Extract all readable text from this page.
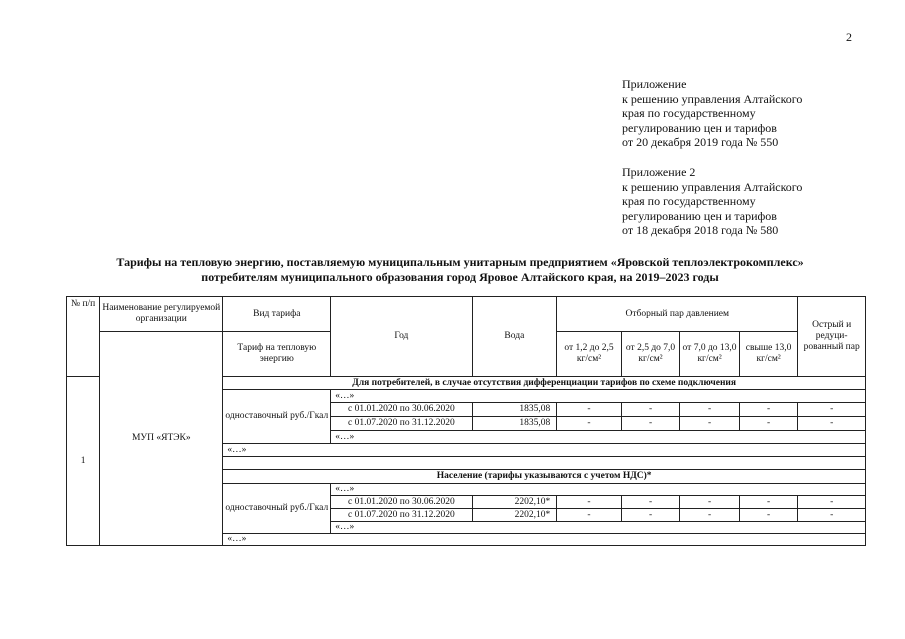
2
Приложение
к решению управления Алтайского
края по государственному
регулированию цен и тарифов
от 20 декабря 2019 года № 550
Приложение 2
к решению управления Алтайского
края по государственному
регулированию цен и тарифов
от 18 декабря 2018 года № 580
Тарифы на тепловую энергию, поставляемую муниципальным унитарным предприятием «Яровской теплоэлектрокомплекс»
потребителям муниципального образования город Яровое Алтайского края, на 2019–2023 годы
№ п/п	Наименование регулируемой организации	Вид тарифа	Год	Вода	Отборный пар давлением				Острый и редуци-рованный пар

	МУП «ЯТЭК»	Тариф на тепловую энергию			от 1,2 до 2,5 кг/см²	от 2,5 до 7,0 кг/см²	от 7,0 до 13,0 кг/см²	свыше 13,0 кг/см²	
1		Для потребителей, в случае отсутствия дифференциации тарифов по схеме подключения							
		одноставочный руб./Гкал	«…»						
			с 01.01.2020 по 30.06.2020	1835,08	-	-	-	-	-
			с 01.07.2020 по 31.12.2020	1835,08	-	-	-	-	-
			«…»						
		«…»							

		Население (тарифы указываются с учетом НДС)*							
		одноставочный руб./Гкал	«…»						
			с 01.01.2020 по 30.06.2020	2202,10*	-	-	-	-	-
			с 01.07.2020 по 31.12.2020	2202,10*	-	-	-	-	-
			«…»						
		«…»							
